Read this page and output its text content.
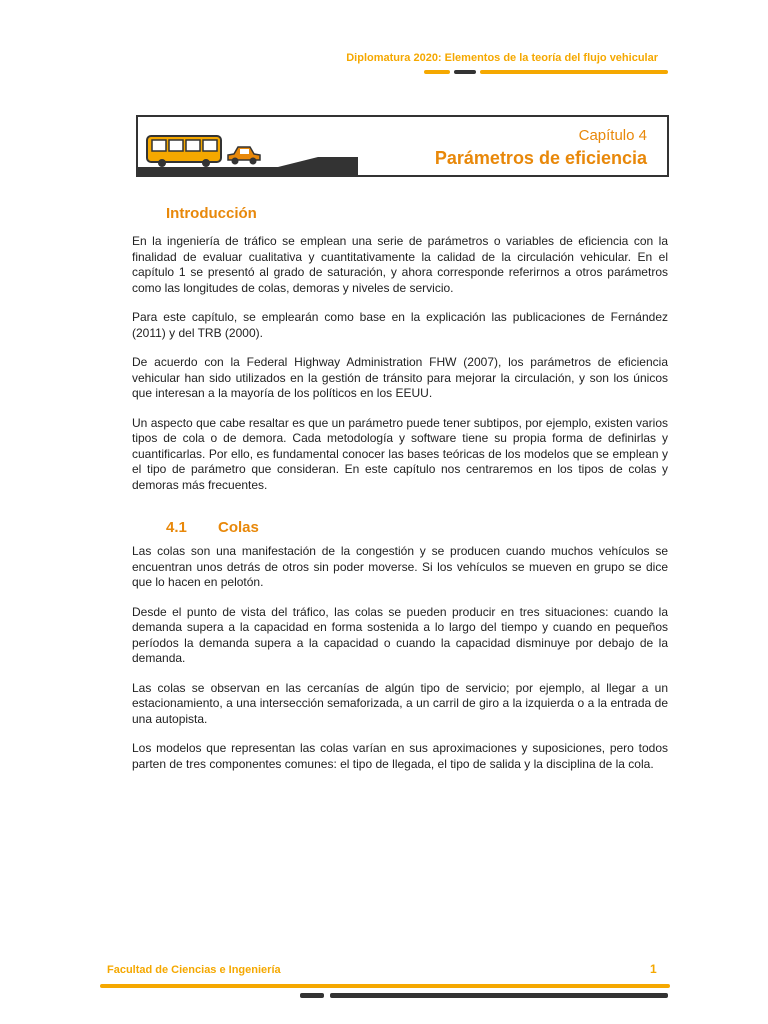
Diplomatura 2020: Elementos de la teoría del flujo vehicular
Capítulo 4
Parámetros de eficiencia
Introducción

En la ingeniería de tráfico se emplean una serie de parámetros o variables de eficiencia con la finalidad de evaluar cualitativa y cuantitativamente la calidad de la circulación vehicular. En el capítulo 1 se presentó al grado de saturación, y ahora corresponde referirnos a otros parámetros como las longitudes de colas, demoras y niveles de servicio.

Para este capítulo, se emplearán como base en la explicación las publicaciones de Fernández (2011) y del TRB (2000).

De acuerdo con la Federal Highway Administration FHW (2007), los parámetros de eficiencia vehicular han sido utilizados en la gestión de tránsito para mejorar la circulación, y son los únicos que interesan a la mayoría de los políticos en los EEUU.

Un aspecto que cabe resaltar es que un parámetro puede tener subtipos, por ejemplo, existen varios tipos de cola o de demora. Cada metodología y software tiene su propia forma de definirlas y cuantificarlas. Por ello, es fundamental conocer las bases teóricas de los modelos que se emplean y el tipo de parámetro que consideran. En este capítulo nos centraremos en los tipos de colas y demoras más frecuentes.

4.1	Colas

Las colas son una manifestación de la congestión y se producen cuando muchos vehículos se encuentran unos detrás de otros sin poder moverse. Si los vehículos se mueven en grupo se dice que lo hacen en pelotón.

Desde el punto de vista del tráfico, las colas se pueden producir en tres situaciones: cuando la demanda supera a la capacidad en forma sostenida a lo largo del tiempo y cuando en pequeños períodos la demanda supera a la capacidad o cuando la capacidad disminuye por debajo de la demanda.

Las colas se observan en las cercanías de algún tipo de servicio; por ejemplo, al llegar a un estacionamiento, a una intersección semaforizada, a un carril de giro a la izquierda o a la entrada de una autopista.

Los modelos que representan las colas varían en sus aproximaciones y suposiciones, pero todos parten de tres componentes comunes: el tipo de llegada, el tipo de salida y la disciplina de la cola.

Facultad de Ciencias e Ingeniería	1
